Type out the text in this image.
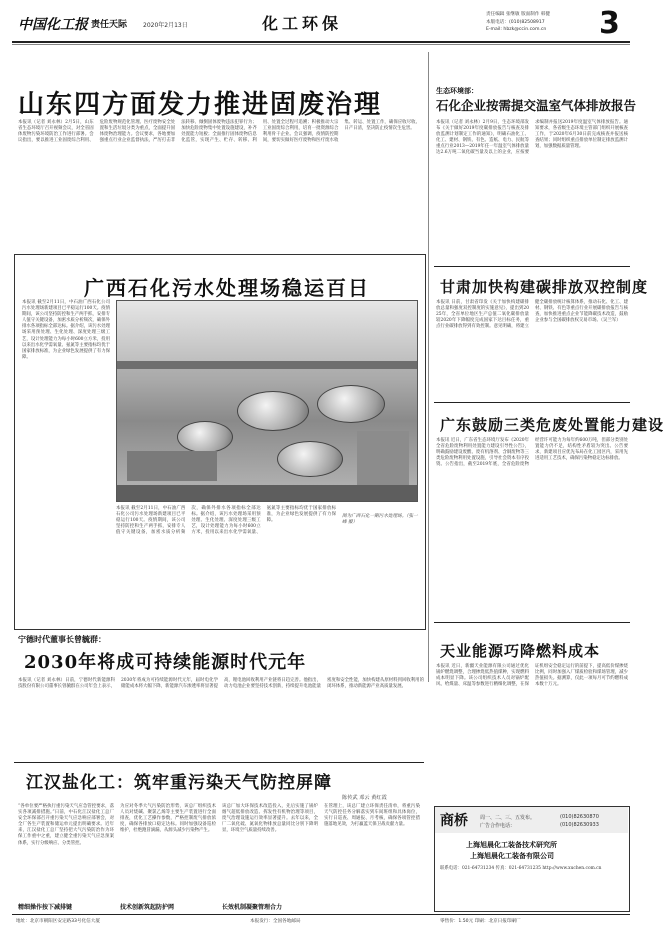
中国化工报 责任天际	2020年2月13日	化工环保	责任编辑 张继敏 版面制作 韩健
本版电话：(010)82508917
E-mail: hbzk@ccin.com.cn 3
山东四方面发力推进固废治理
本报讯（记者 刘永林）2月5日，山东省生态环境厅召开视频会议，对全省固体废物污染环境防治工作进行部署。会议指出，要以推进工业固废综合利用、危险废物规范化管理、医疗废物安全处置和生活垃圾分类为重点，全面提升固体废物治理能力。会议要求，各地要加强重点行业企业监督执法，严厉打击非法转移、倾倒固体废物违法犯罪行为；加快危险废物集中处置设施建设，补齐处置能力短板；全面推行固体废物信息化监管，实现产生、贮存、转移、利用、处置全过程可追溯；积极推动大宗工业固废综合利用，培育一批资源综合利用骨干企业。会议强调，疫情防控期间，要切实做好医疗废物和医疗废水收集、转运、处置工作，确保应收尽收、日产日清，坚决防止疫情次生危害。
生态环境部：
石化企业按需提交温室气体排放报告
本报讯（记者 刘永林）2月9日，生态环境部发布《关于做好2019年度碳排放报告与核查及排放监测计划制定工作的通知》，明确石油化工、化工、建材、钢铁、有色、造纸、电力、民航等重点行业2013—2019年任一年温室气体排放量达2.6万吨二氧化碳当量及以上的企业，应按要求编制并报送2019年度温室气体排放报告。通知要求，各省级生态环境主管部门组织开展核查工作，于2020年6月30日前完成核查并报送核查结果；同时组织重点排放单位制定排放监测计划，加强数据质量管理。
广西石化污水处理场稳运百日
本报讯 截至2月11日，中石油广西石化公司污水处理场新建项目已平稳运行100天。疫情期间，该公司坚持防控和生产两手抓，安排专人值守关键设备，加密水质分析频次，确保外排水各项指标全部达标。据介绍，该污水处理场采用预处理、生化处理、深度处理三级工艺，设计处理能力为每小时600立方米，投用以来出水化学需氧量、氨氮等主要指标均优于国家排放标准，为企业绿色发展提供了有力保障。
本报讯 截至2月11日，中石油广西石化公司污水处理场新建项目已平稳运行100天。疫情期间，该公司坚持防控和生产两手抓，安排专人值守关键设备，加密水质分析频次，确保外排水各项指标全部达标。据介绍，该污水处理场采用预处理、生化处理、深度处理三级工艺，设计处理能力为每小时600立方米，投用以来出水化学需氧量、氨氮等主要指标均优于国家排放标准，为企业绿色发展提供了有力保障。
图为广西石化一期污水处理场。（张一峰 摄）
甘肃加快构建碳排放双控制度
本报讯 日前，甘肃省印发《关于加快构建碳排放总量和强度双控制度的实施意见》，提出到2025年，全省单位地区生产总值二氧化碳排放量较2020年下降幅度完成国家下达目标任务，重点行业碳排放得到有效控制。意见明确，将建立健全碳排放统计核算体系，推动石化、化工、建材、钢铁、有色等重点行业开展碳排放报告与核查，加快推进重点企业节能降碳技术改造，鼓励企业参与全国碳排放权交易市场。（吴兰军）
广东鼓励三类危废处置能力建设
本报讯 近日，广东省生态环境厅发布《2020年全省危险废物利用处置能力建设引导性公告》，明确鼓励建设废酸、废有机溶剂、含铜废物等三类危险废物利用处置设施，引导社会资本有序投资。公告指出，截至2019年底，全省危险废物经营许可能力为每年约600万吨，但部分类别处置能力仍不足，结构性矛盾较为突出。公告要求，新建项目应优先布局在化工园区内，采用先进适用工艺技术，确保污染物稳定达标排放。
宁德时代董事长曾毓群：
2030年将成可持续能源时代元年
本报讯（记者 刘永林）日前，宁德时代新能源科技股份有限公司董事长曾毓群在公司年会上表示，2030年将成为可持续能源时代元年，届时电化学储能成本将大幅下降，新能源汽车渗透率将显著提高，锂电池回收利用产业链将日趋完善。他指出，动力电池企业要坚持技术创新，持续提升电池能量密度和安全性能，加快构建从原材料到回收利用的闭环体系，推动新能源产业高质量发展。
天业能源巧降燃料成本
本报讯 近日，新疆天业能源有限公司通过优化锅炉燃烧调整，合理掺烧低热值煤种，实现燃料成本明显下降。该公司组织技术人员对锅炉配风、给煤量、床温等参数进行精细化调整，在保证机组安全稳定运行的前提下，提高低价煤掺烧比例，同时加强入厂煤质检验和煤场管理，减少热值损失。据测算，仅此一项每月可节约燃料成本数十万元。
江汉盐化工：筑牢重污染天气防控屏障
陈传武 邓云 黄红霞
“各单位要严格执行重污染天气应急管控要求，落实各项减排措施。”日前，中石化江汉盐化工总厂安全环保部召开重污染天气应急响应部署会，对全厂各生产装置和储运单元提出明确要求。近年来，江汉盐化工总厂坚持把大气污染防治作为环保工作重中之重，建立健全重污染天气应急预案体系，实行分级响应、分类管控。
精细操作按下减排键
为应对冬季大气污染防治形势，该总厂组织技术人员对烧碱、聚氯乙烯等主要生产装置进行全面排查，优化工艺操作参数，严格控制废气排放浓度，确保各排放口稳定达标。同时加强设备巡检维护，杜绝跑冒滴漏，从源头减少污染物产生。
技术创新筑起防护网
该总厂加大环保技术改造投入，先后实施了锅炉烟气超低排放改造、挥发性有机物治理等项目，废气治理设施运行效率显著提升。去年以来，全厂二氧化硫、氮氧化物排放总量同比分别下降明显，环境空气质量持续改善。
长效机制凝聚管理合力
在管理上，该总厂建立环保责任清单，将重污染天气防控任务分解落实到车间班组和具体岗位，实行日巡查、周通报、月考核，确保各项管控措施落地见效，为打赢蓝天保卫战贡献力量。	商桥 周一、二、三、五发布。
广告合作电话：
(010)82630870
(010)82630933
上海旭晨化工装备技术研究所
上海旭晨化工装备有限公司
联系电话：021-64731234 传真：021-64731235 http://www.xuchen.com.cn
地址：北京市朝阳区安定路33号化信大厦	本报发行：全国各地邮局	零售价：1.50元 印刷：北京日报印刷厂
